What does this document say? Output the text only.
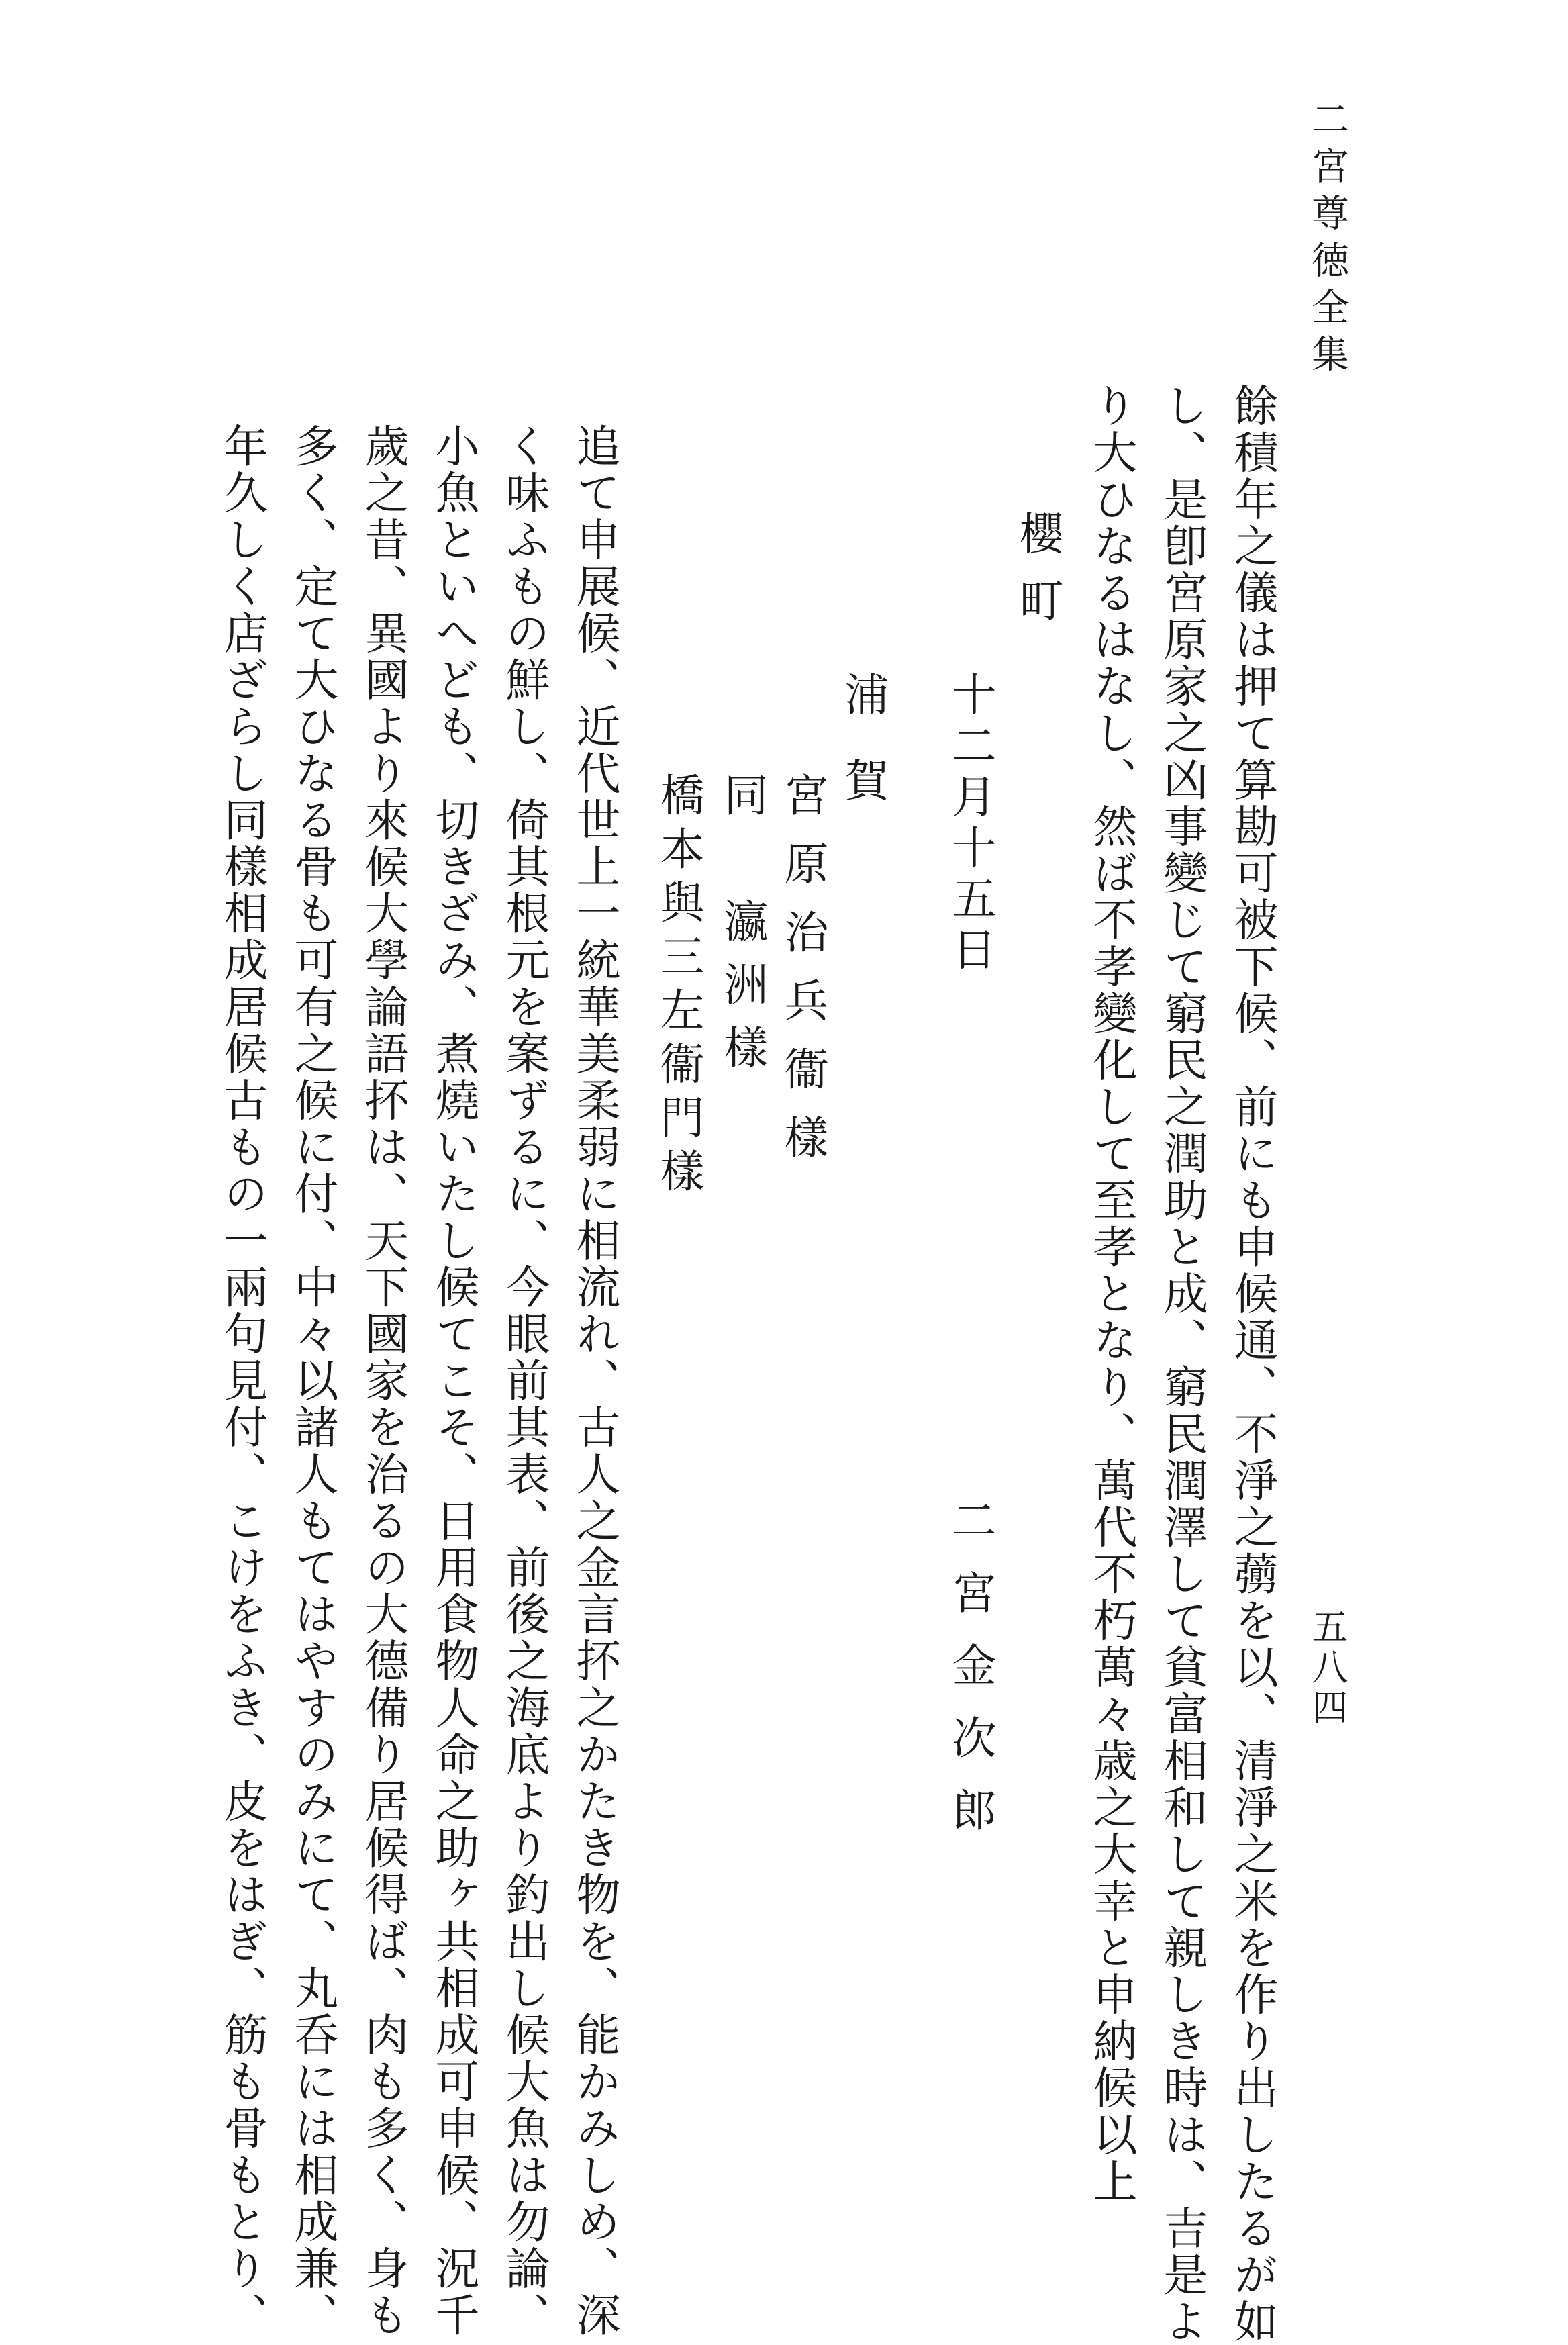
二宮尊徳全集
五八四
餘積年之儀は押て算勘可被下候、前にも申候通、不淨之𦿶を以、清淨之米を作り出したるが如
し、是卽宮原家之凶事變じて窮民之潤助と成、窮民潤澤して貧富相和して親しき時は、吉是よ
り大ひなるはなし、然ば不孝變化して至孝となり、萬代不朽萬々歳之大幸と申納候以上
櫻町
十二月十五日
二宮金次郎
浦賀
宮原治兵衞樣
同　瀛洲樣
橋本與三左衞門樣
追て申展候、近代世上一統華美柔弱に相流れ、古人之金言抔之かたき物を、能かみしめ、深
く味ふもの鮮し、倚其根元を案ずるに、今眼前其表、前後之海底より釣出し候大魚は勿論、
小魚といへども、切きざみ、煮燒いたし候てこそ、日用食物人命之助ヶ共相成可申候、況千
歲之昔、異國より來候大學論語抔は、天下國家を治るの大德備り居候得ば、肉も多く、身も
多く、定て大ひなる骨も可有之候に付、中々以諸人もてはやすのみにて、丸呑には相成兼、
年久しく店ざらし同樣相成居候古もの一兩句見付、こけをふき、皮をはぎ、筋も骨もとり、
